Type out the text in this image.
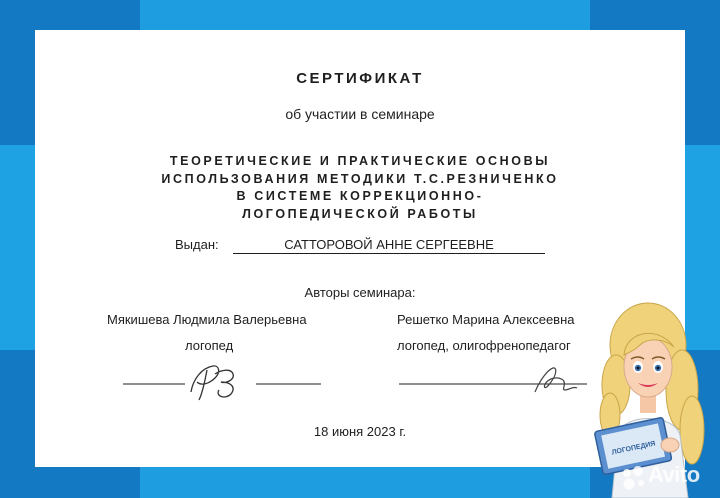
СЕРТИФИКАТ
об участии в семинаре
ТЕОРЕТИЧЕСКИЕ И ПРАКТИЧЕСКИЕ ОСНОВЫ
ИСПОЛЬЗОВАНИЯ МЕТОДИКИ Т.С.РЕЗНИЧЕНКО
В СИСТЕМЕ КОРРЕКЦИОННО-
ЛОГОПЕДИЧЕСКОЙ РАБОТЫ
Выдан:	САТТОРОВОЙ АННЕ СЕРГЕЕВНЕ
Авторы семинара:
Мякишева Людмила Валерьевна
логопед
Решетко Марина Алексеевна
логопед, олигофренопедагог
18 июня 2023 г.
ЛОГОПЕДИЯ
Avito
